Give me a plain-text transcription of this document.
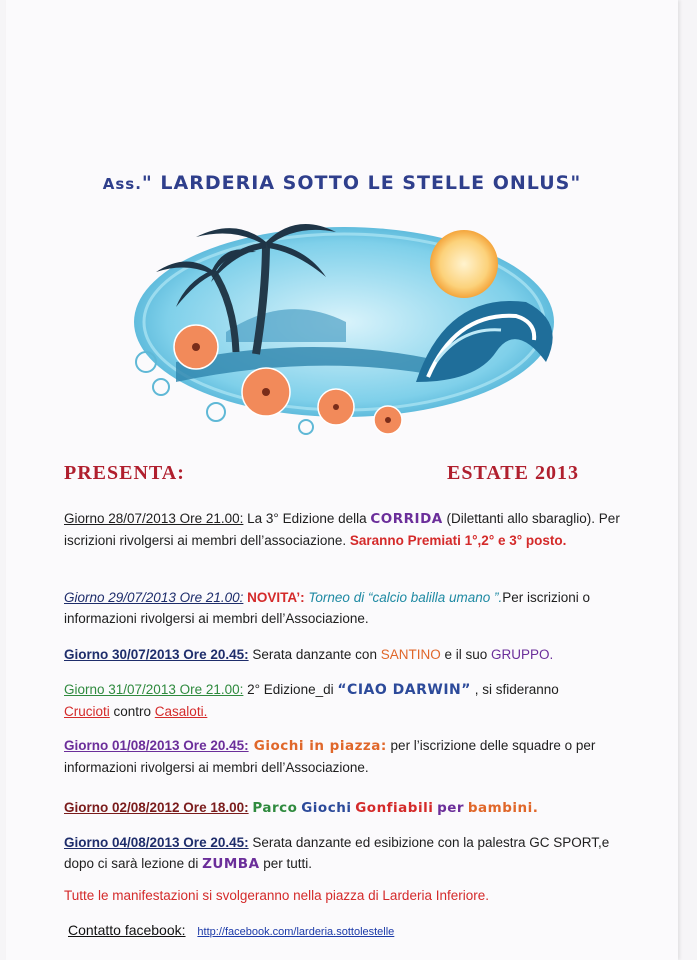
Ass." LARDERIA SOTTO LE STELLE ONLUS"
PRESENTA:	ESTATE 2013
Giorno 28/07/2013 Ore 21.00: La 3° Edizione della CORRIDA (Dilettanti allo sbaraglio). Per iscrizioni rivolgersi ai membri dell’associazione. Saranno Premiati 1°,2° e 3° posto.
Giorno 29/07/2013 Ore 21.00: NOVITA’: Torneo di “calcio balilla umano ”.Per iscrizioni o informazioni rivolgersi ai membri dell’Associazione.
Giorno 30/07/2013 Ore 20.45: Serata danzante con SANTINO e il suo GRUPPO.
Giorno 31/07/2013 Ore 21.00: 2° Edizione_di “CIAO DARWIN” , si sfideranno
Crucioti contro Casaloti.
Giorno 01/08/2013 Ore 20.45: Giochi in piazza: per l’iscrizione delle squadre o per informazioni rivolgersi ai membri dell’Associazione.
Giorno 02/08/2012 Ore 18.00: Parco Giochi Gonfiabili per bambini.
Giorno 04/08/2013 Ore 20.45: Serata danzante ed esibizione con la palestra GC SPORT,e dopo ci sarà lezione di ZUMBA per tutti.
Tutte le manifestazioni si svolgeranno nella piazza di Larderia Inferiore.
Contatto facebook: http://facebook.com/larderia.sottolestelle
